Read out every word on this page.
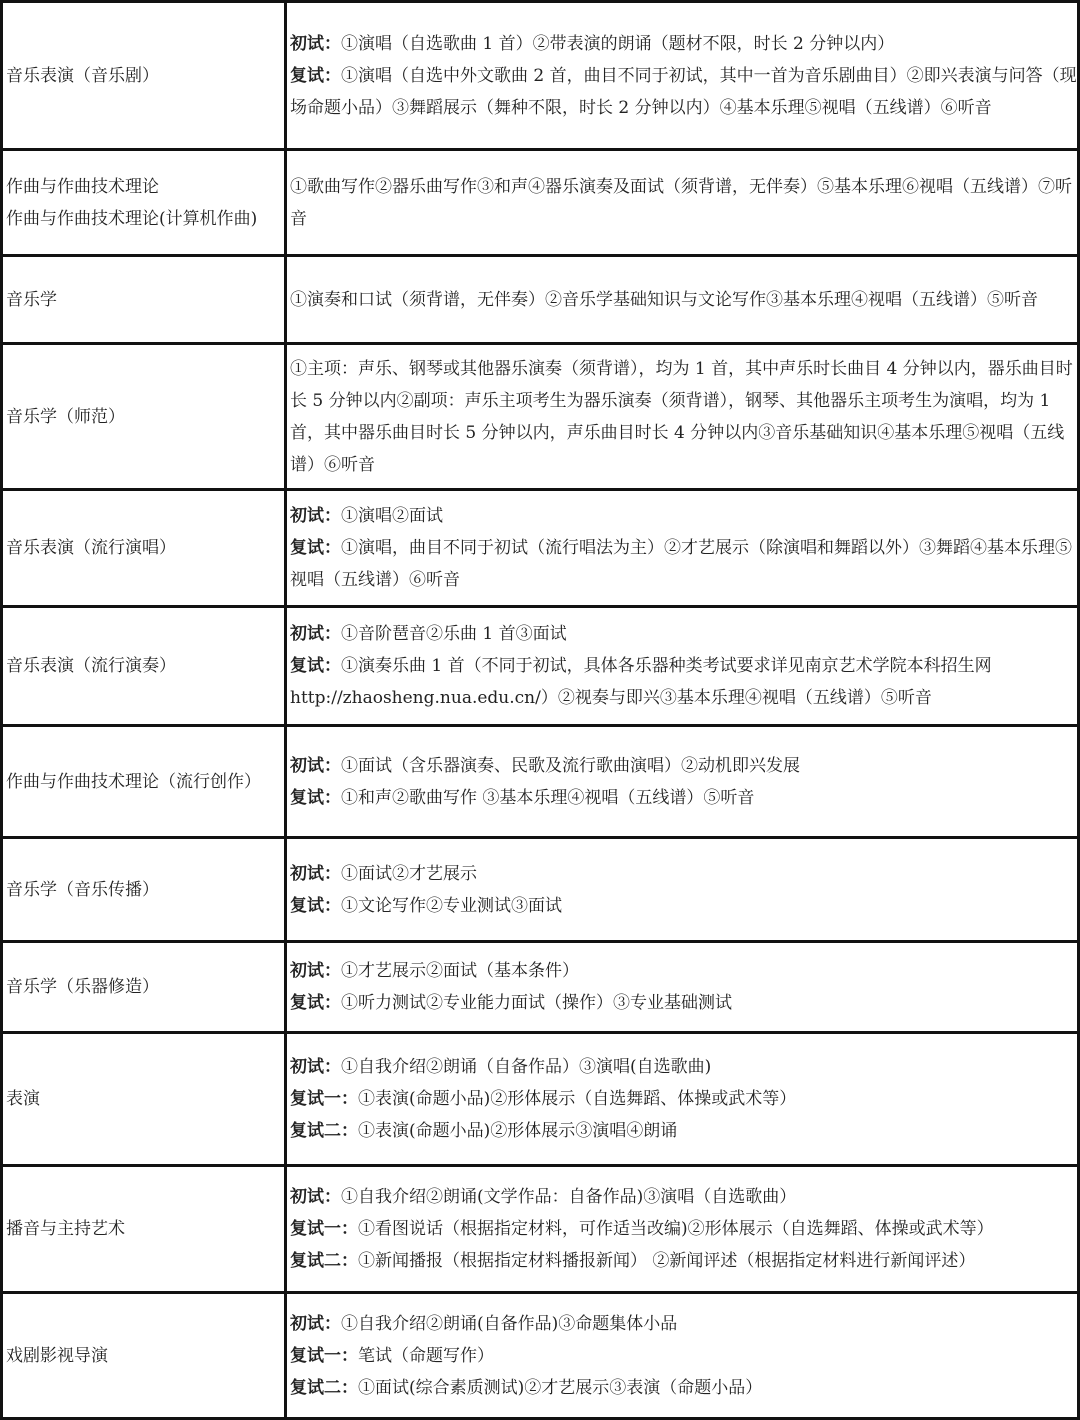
音乐表演（音乐剧）	初试：①演唱（自选歌曲 1 首）②带表演的朗诵（题材不限，时长 2 分钟以内）
复试：①演唱（自选中外文歌曲 2 首，曲目不同于初试，其中一首为音乐剧曲目）②即兴表演与问答（现场命题小品）③舞蹈展示（舞种不限，时长 2 分钟以内）④基本乐理⑤视唱（五线谱）⑥听音

作曲与作曲技术理论
作曲与作曲技术理论(计算机作曲)	①歌曲写作②器乐曲写作③和声④器乐演奏及面试（须背谱，无伴奏）⑤基本乐理⑥视唱（五线谱）⑦听音

音乐学	①演奏和口试（须背谱，无伴奏）②音乐学基础知识与文论写作③基本乐理④视唱（五线谱）⑤听音

音乐学（师范）	①主项：声乐、钢琴或其他器乐演奏（须背谱），均为 1 首，其中声乐时长曲目 4 分钟以内，器乐曲目时长 5 分钟以内②副项：声乐主项考生为器乐演奏（须背谱），钢琴、其他器乐主项考生为演唱，均为 1 首，其中器乐曲目时长 5 分钟以内，声乐曲目时长 4 分钟以内③音乐基础知识④基本乐理⑤视唱（五线谱）⑥听音

音乐表演（流行演唱）	初试：①演唱②面试
复试：①演唱，曲目不同于初试（流行唱法为主）②才艺展示（除演唱和舞蹈以外）③舞蹈④基本乐理⑤视唱（五线谱）⑥听音

音乐表演（流行演奏）	初试：①音阶琶音②乐曲 1 首③面试
复试：①演奏乐曲 1 首（不同于初试，具体各乐器种类考试要求详见南京艺术学院本科招生网 http://zhaosheng.nua.edu.cn/）②视奏与即兴③基本乐理④视唱（五线谱）⑤听音

作曲与作曲技术理论（流行创作）	初试：①面试（含乐器演奏、民歌及流行歌曲演唱）②动机即兴发展
复试：①和声②歌曲写作 ③基本乐理④视唱（五线谱）⑤听音

音乐学（音乐传播）	初试：①面试②才艺展示
复试：①文论写作②专业测试③面试

音乐学（乐器修造）	初试：①才艺展示②面试（基本条件）
复试：①听力测试②专业能力面试（操作）③专业基础测试

表演	初试：①自我介绍②朗诵（自备作品）③演唱(自选歌曲)
复试一：①表演(命题小品)②形体展示（自选舞蹈、体操或武术等）
复试二：①表演(命题小品)②形体展示③演唱④朗诵

播音与主持艺术	初试：①自我介绍②朗诵(文学作品：自备作品)③演唱（自选歌曲）
复试一：①看图说话（根据指定材料，可作适当改编)②形体展示（自选舞蹈、体操或武术等）
复试二：①新闻播报（根据指定材料播报新闻） ②新闻评述（根据指定材料进行新闻评述）

戏剧影视导演	初试：①自我介绍②朗诵(自备作品)③命题集体小品
复试一：笔试（命题写作）
复试二：①面试(综合素质测试)②才艺展示③表演（命题小品）
